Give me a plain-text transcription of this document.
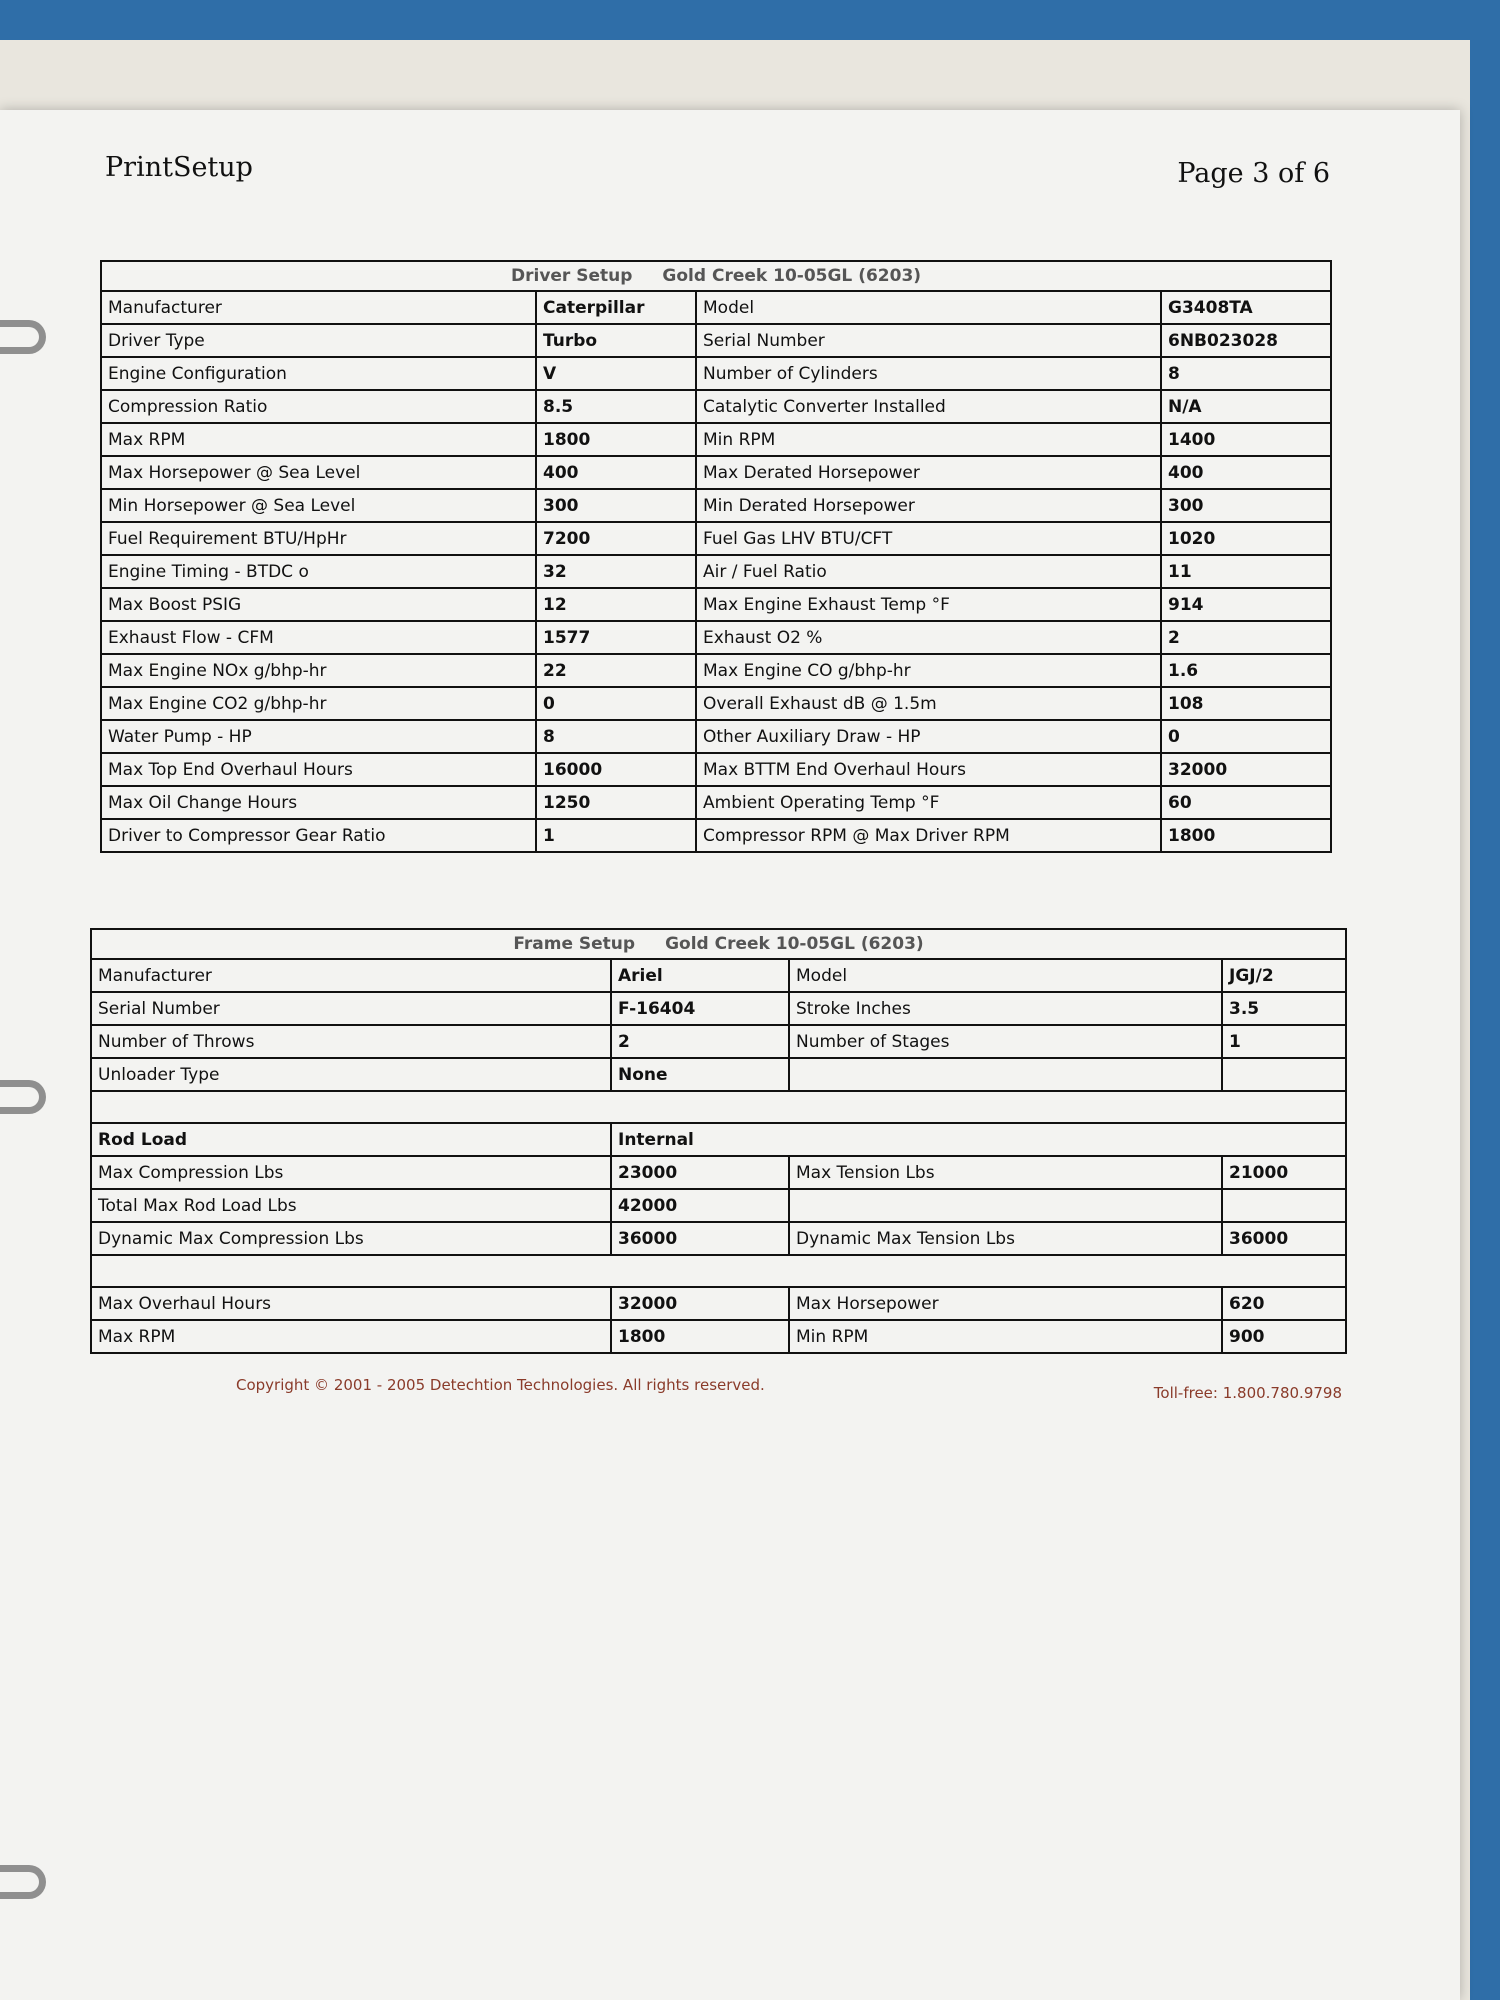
PrintSetup	Page 3 of 6
Driver Setup Gold Creek 10-05GL (6203)			
Manufacturer	Caterpillar	Model	G3408TA
Driver Type	Turbo	Serial Number	6NB023028
Engine Configuration	V	Number of Cylinders	8
Compression Ratio	8.5	Catalytic Converter Installed	N/A
Max RPM	1800	Min RPM	1400
Max Horsepower @ Sea Level	400	Max Derated Horsepower	400
Min Horsepower @ Sea Level	300	Min Derated Horsepower	300
Fuel Requirement BTU/HpHr	7200	Fuel Gas LHV BTU/CFT	1020
Engine Timing - BTDC o	32	Air / Fuel Ratio	11
Max Boost PSIG	12	Max Engine Exhaust Temp °F	914
Exhaust Flow - CFM	1577	Exhaust O2 %	2
Max Engine NOx g/bhp-hr	22	Max Engine CO g/bhp-hr	1.6
Max Engine CO2 g/bhp-hr	0	Overall Exhaust dB @ 1.5m	108
Water Pump - HP	8	Other Auxiliary Draw - HP	0
Max Top End Overhaul Hours	16000	Max BTTM End Overhaul Hours	32000
Max Oil Change Hours	1250	Ambient Operating Temp °F	60
Driver to Compressor Gear Ratio	1	Compressor RPM @ Max Driver RPM	1800
Frame Setup Gold Creek 10-05GL (6203)			
Manufacturer	Ariel	Model	JGJ/2
Serial Number	F-16404	Stroke Inches	3.5
Number of Throws	2	Number of Stages	1
Unloader Type	None		

Rod Load	Internal		
Max Compression Lbs	23000	Max Tension Lbs	21000
Total Max Rod Load Lbs	42000		
Dynamic Max Compression Lbs	36000	Dynamic Max Tension Lbs	36000

Max Overhaul Hours	32000	Max Horsepower	620
Max RPM	1800	Min RPM	900
Copyright © 2001 - 2005 Detechtion Technologies. All rights reserved.	Toll-free: 1.800.780.9798
